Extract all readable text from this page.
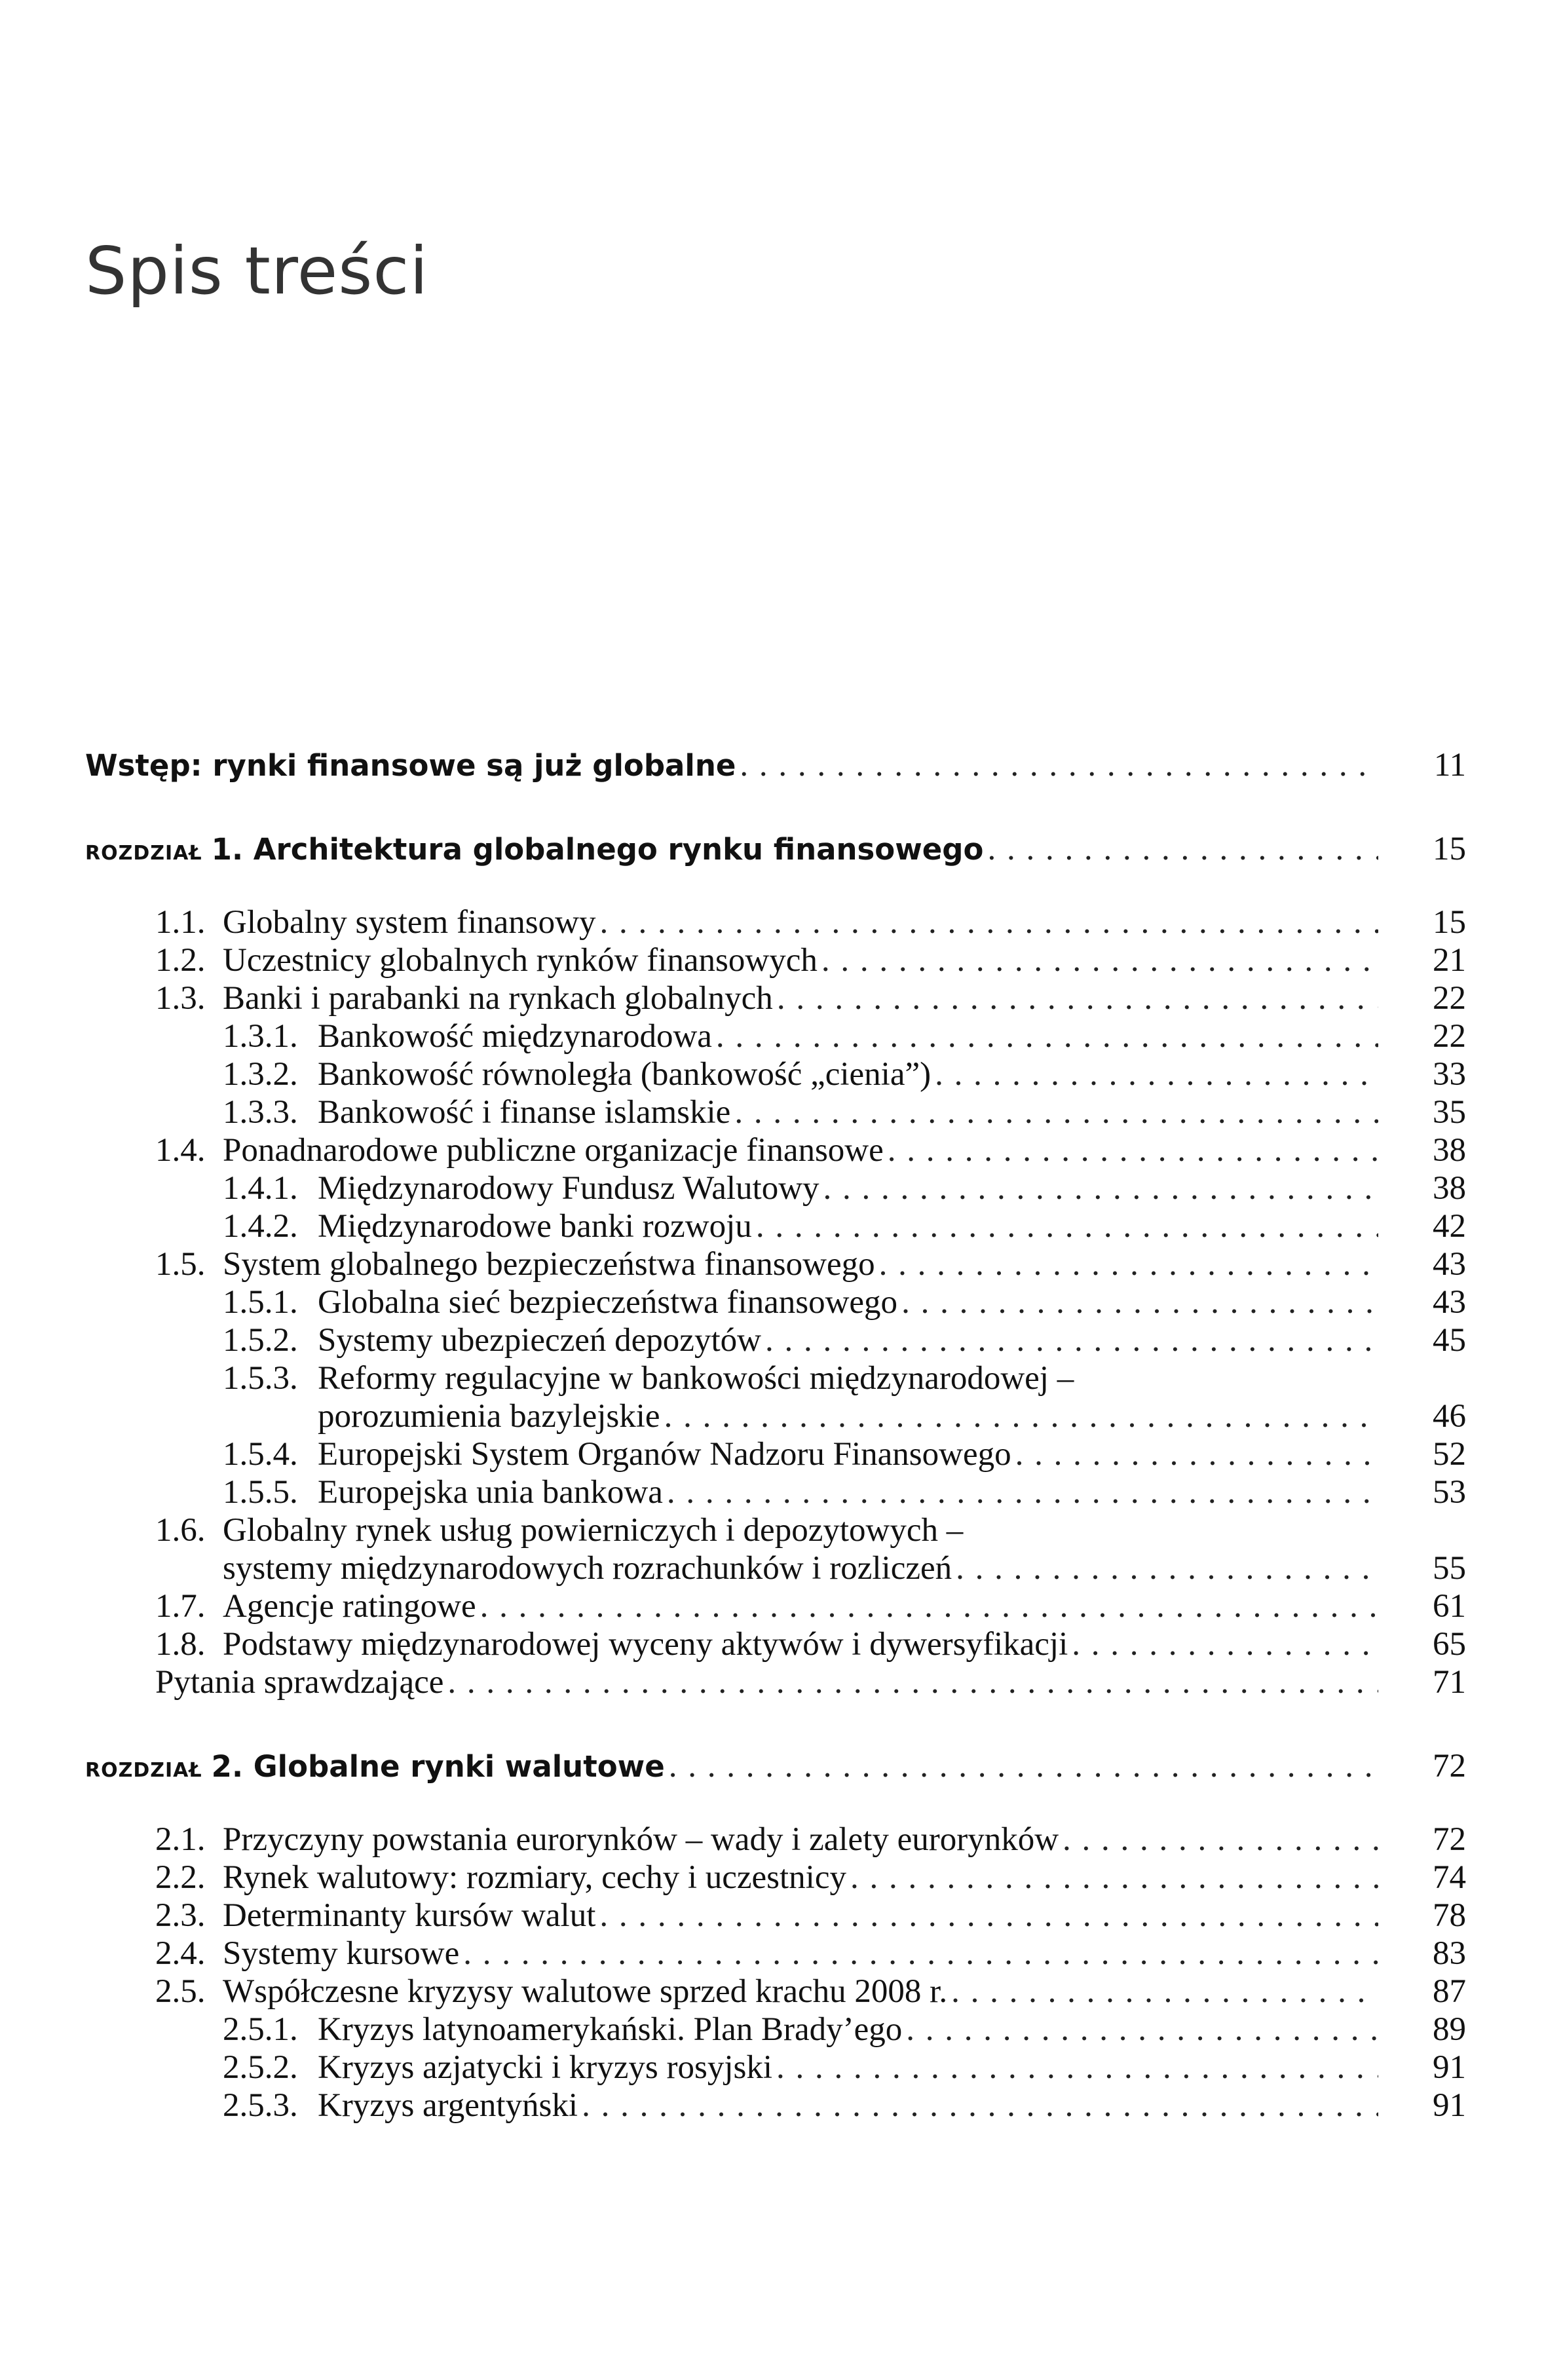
Spis treści
Wstęp: rynki finansowe są już globalne . . .	11
ROZDZIAŁ 1. Architektura globalnego rynku finansowego . . .	15
1.1. Globalny system finansowy . . .	15
1.2. Uczestnicy globalnych rynków finansowych . . .	21
1.3. Banki i parabanki na rynkach globalnych . . .	22
1.3.1. Bankowość międzynarodowa . . .	22
1.3.2. Bankowość równoległa (bankowość „cienia”) . . .	33
1.3.3. Bankowość i finanse islamskie . . .	35
1.4. Ponadnarodowe publiczne organizacje finansowe . . .	38
1.4.1. Międzynarodowy Fundusz Walutowy . . .	38
1.4.2. Międzynarodowe banki rozwoju . . .	42
1.5. System globalnego bezpieczeństwa finansowego . . .	43
1.5.1. Globalna sieć bezpieczeństwa finansowego . . .	43
1.5.2. Systemy ubezpieczeń depozytów . . .	45
1.5.3. Reformy regulacyjne w bankowości międzynarodowej –
porozumienia bazylejskie . . .	46
1.5.4. Europejski System Organów Nadzoru Finansowego . . .	52
1.5.5. Europejska unia bankowa . . .	53
1.6. Globalny rynek usług powierniczych i depozytowych –
systemy międzynarodowych rozrachunków i rozliczeń . . .	55
1.7. Agencje ratingowe . . .	61
1.8. Podstawy międzynarodowej wyceny aktywów i dywersyfikacji . . .	65
Pytania sprawdzające . . .	71
ROZDZIAŁ 2. Globalne rynki walutowe . . .	72
2.1. Przyczyny powstania eurorynków – wady i zalety eurorynków . . .	72
2.2. Rynek walutowy: rozmiary, cechy i uczestnicy . . .	74
2.3. Determinanty kursów walut . . .	78
2.4. Systemy kursowe . . .	83
2.5. Współczesne kryzysy walutowe sprzed krachu 2008 r. . . .	87
2.5.1. Kryzys latynoamerykański. Plan Brady’ego . . .	89
2.5.2. Kryzys azjatycki i kryzys rosyjski . . .	91
2.5.3. Kryzys argentyński . . .	91
